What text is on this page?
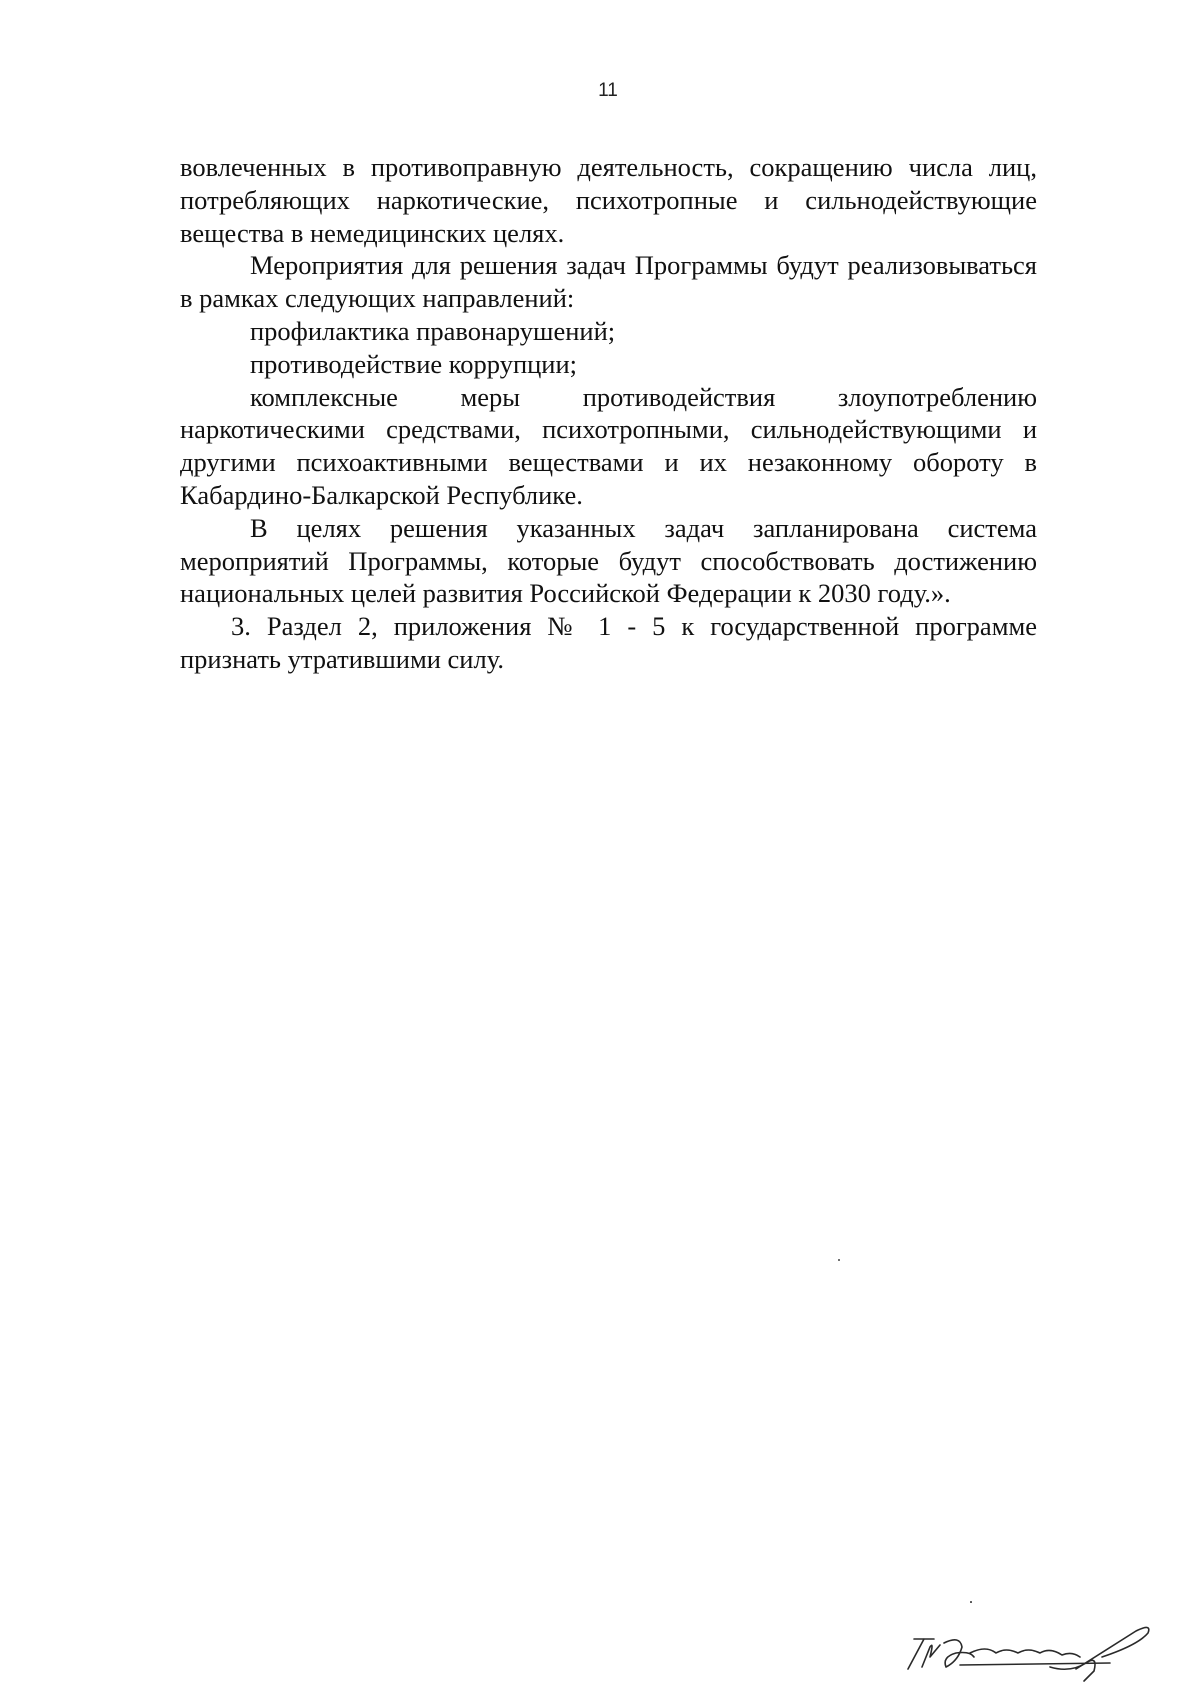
11

вовлеченных в противоправную деятельность, сокращению числа лиц, потребляющих наркотические, психотропные и сильнодействующие вещества в немедицинских целях.

Мероприятия для решения задач Программы будут реализовываться в рамках следующих направлений:

профилактика правонарушений;

противодействие коррупции;

комплексные меры противодействия злоупотреблению наркотическими средствами, психотропными, сильнодействующими и другими психоактивными веществами и их незаконному обороту в Кабардино-Балкарской Республике.

В целях решения указанных задач запланирована система мероприятий Программы, которые будут способствовать достижению национальных целей развития Российской Федерации к 2030 году.».

3. Раздел 2, приложения № 1 - 5 к государственной программе признать утратившими силу.
